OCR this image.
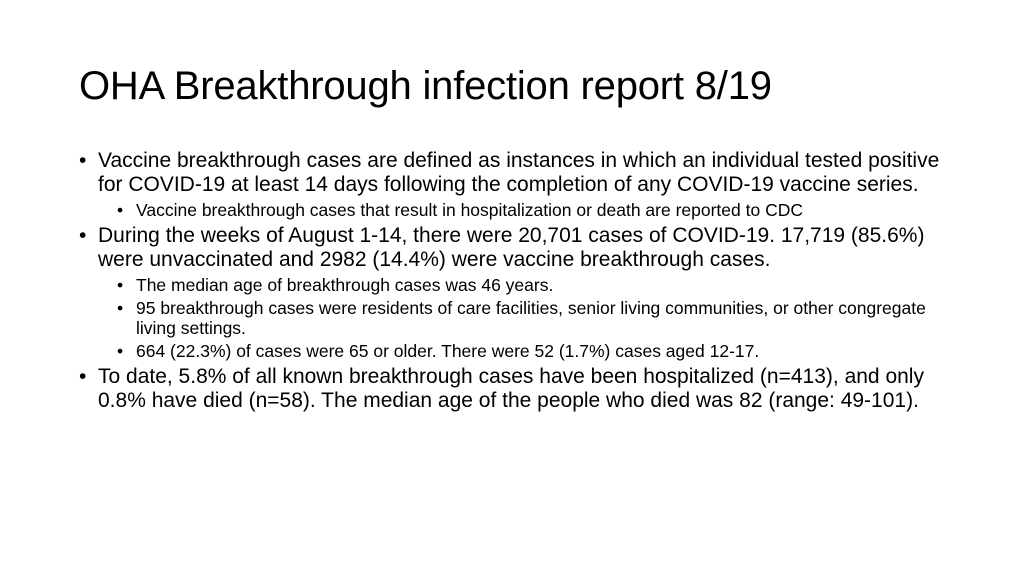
OHA Breakthrough infection report 8/19
• Vaccine breakthrough cases are defined as instances in which an individual tested positive for COVID-19 at least 14 days following the completion of any COVID-19 vaccine series.
• Vaccine breakthrough cases that result in hospitalization or death are reported to CDC
• During the weeks of August 1-14, there were 20,701 cases of COVID-19. 17,719 (85.6%) were unvaccinated and 2982 (14.4%) were vaccine breakthrough cases.
• The median age of breakthrough cases was 46 years.
• 95 breakthrough cases were residents of care facilities, senior living communities, or other congregate living settings.
• 664 (22.3%) of cases were 65 or older. There were 52 (1.7%) cases aged 12-17.
• To date, 5.8% of all known breakthrough cases have been hospitalized (n=413), and only 0.8% have died (n=58). The median age of the people who died was 82 (range: 49-101).
